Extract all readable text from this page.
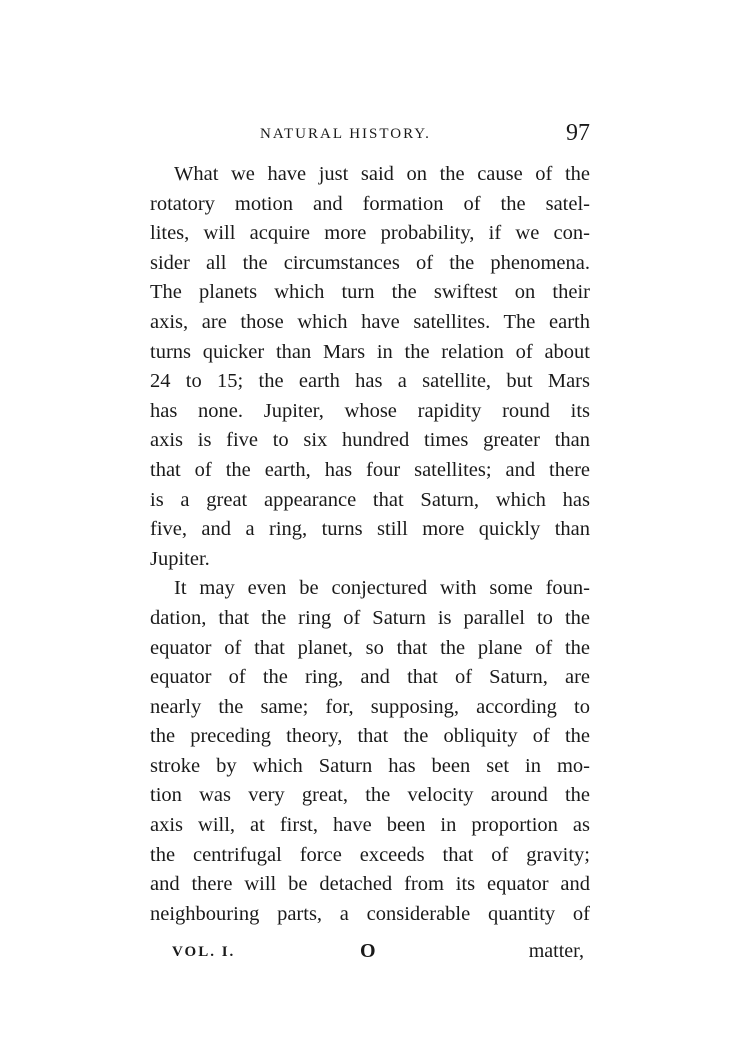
NATURAL HISTORY.	97
What we have just said on the cause of the
rotatory motion and formation of the satel-
lites, will acquire more probability, if we con-
sider all the circumstances of the phenomena.
The planets which turn the swiftest on their
axis, are those which have satellites. The earth
turns quicker than Mars in the relation of about
24 to 15; the earth has a satellite, but Mars
has none. Jupiter, whose rapidity round its
axis is five to six hundred times greater than
that of the earth, has four satellites; and there
is a great appearance that Saturn, which has
five, and a ring, turns still more quickly than
Jupiter.
It may even be conjectured with some foun-
dation, that the ring of Saturn is parallel to the
equator of that planet, so that the plane of the
equator of the ring, and that of Saturn, are
nearly the same; for, supposing, according to
the preceding theory, that the obliquity of the
stroke by which Saturn has been set in mo-
tion was very great, the velocity around the
axis will, at first, have been in proportion as
the centrifugal force exceeds that of gravity;
and there will be detached from its equator and
neighbouring parts, a considerable quantity of
VOL. I.	O	matter,
